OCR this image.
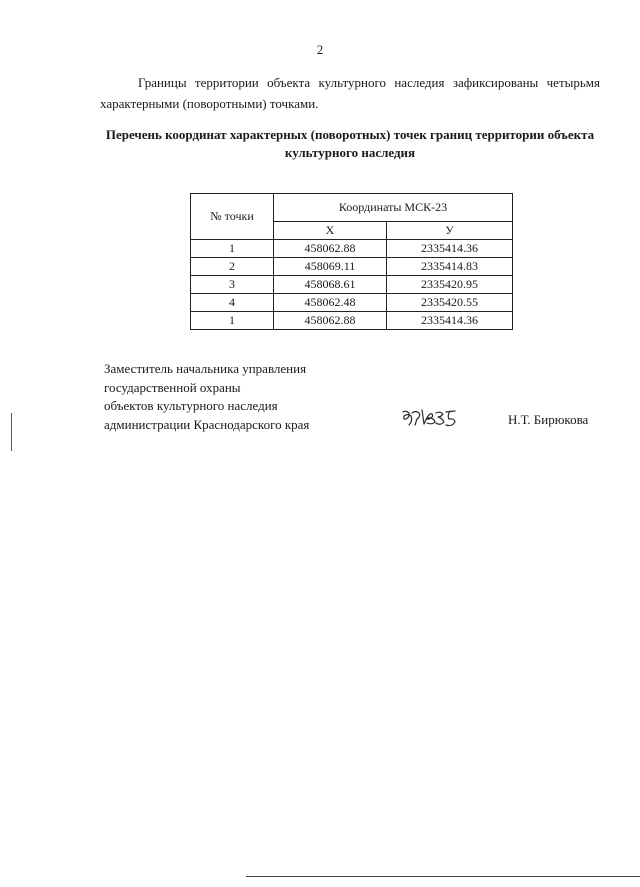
2

Границы территории объекта культурного наследия зафиксированы четырьмя характерными (поворотными) точками.

Перечень координат характерных (поворотных) точек границ территории объекта культурного наследия
№ точки	Координаты МСК-23	
	X	У
1	458062.88	2335414.36
2	458069.11	2335414.83
3	458068.61	2335420.95
4	458062.48	2335420.55
1	458062.88	2335414.36
Заместитель начальника управления
государственной охраны
объектов культурного наследия
администрации Краснодарского края	Н.Т. Бирюкова
